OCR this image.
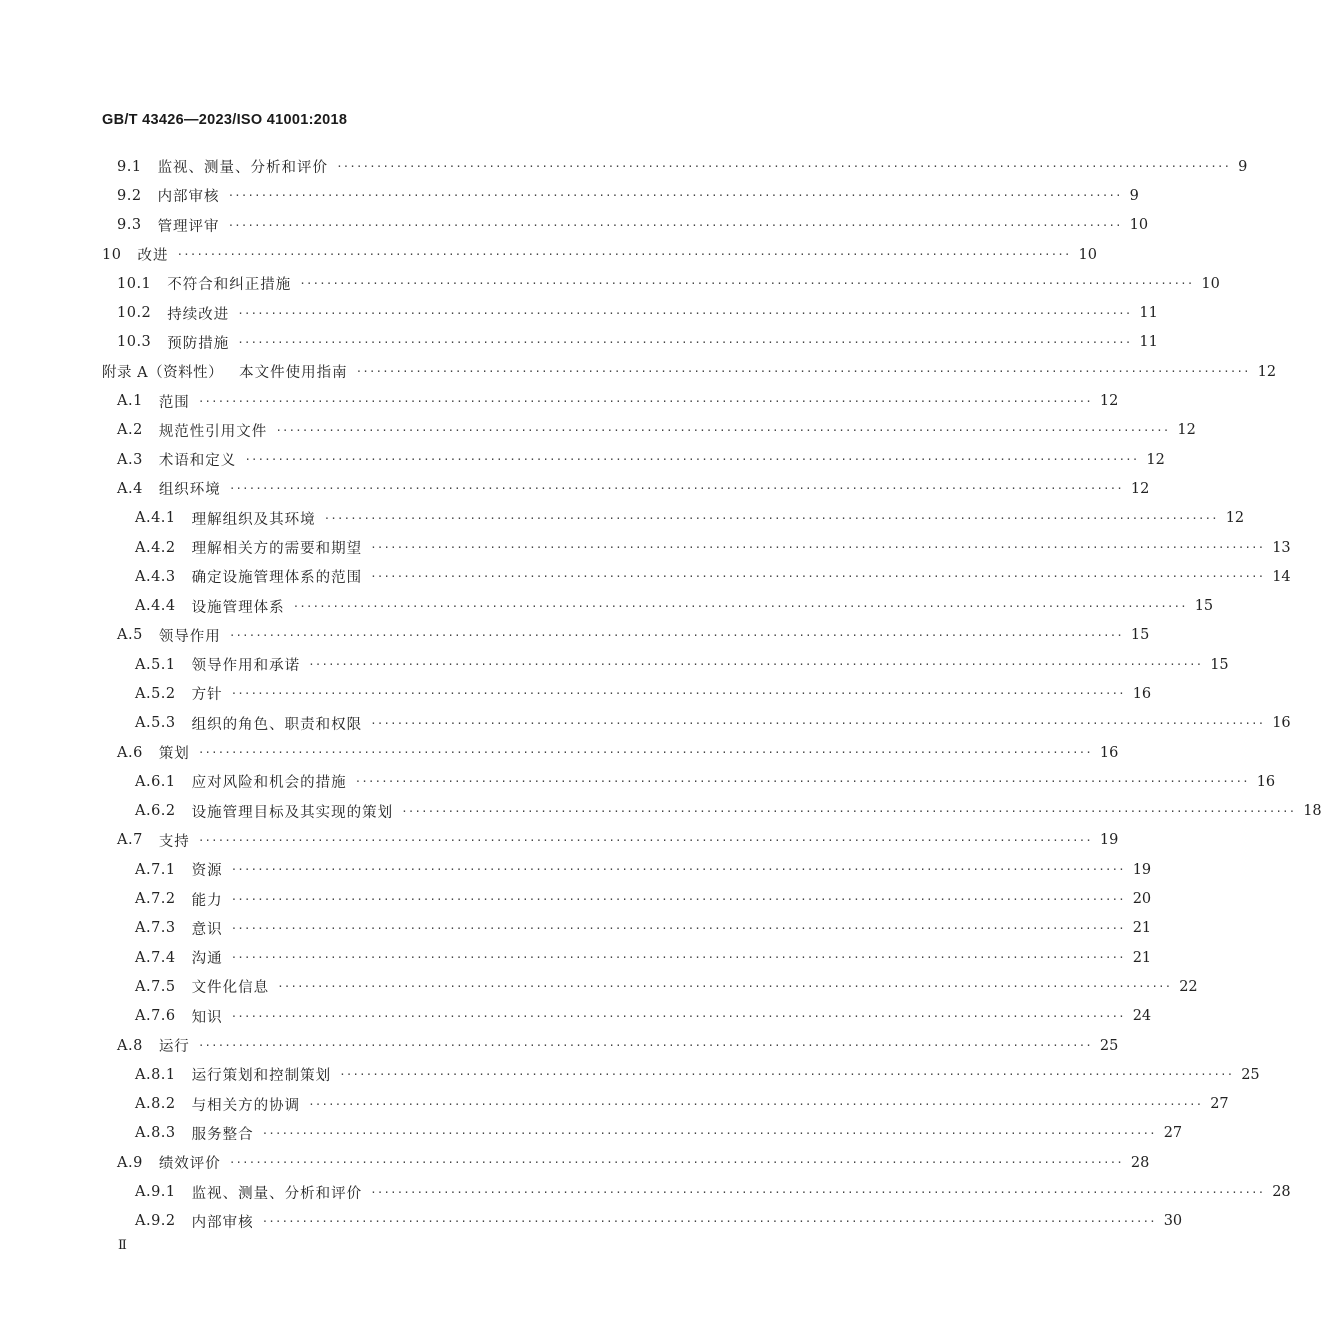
GB/T 43426—2023/ISO 41001:2018
9.1 监视、测量、分析和评价 ······································································································································· 9
9.2 内部审核 ······································································································································· 9
9.3 管理评审 ······································································································································· 10
10 改进 ······································································································································· 10
10.1 不符合和纠正措施 ······································································································································· 10
10.2 持续改进 ······································································································································· 11
10.3 预防措施 ······································································································································· 11
附录 A（资料性） 本文件使用指南 ······································································································································· 12
A.1 范围 ······································································································································· 12
A.2 规范性引用文件 ······································································································································· 12
A.3 术语和定义 ······································································································································· 12
A.4 组织环境 ······································································································································· 12
A.4.1 理解组织及其环境 ······································································································································· 12
A.4.2 理解相关方的需要和期望 ······································································································································· 13
A.4.3 确定设施管理体系的范围 ······································································································································· 14
A.4.4 设施管理体系 ······································································································································· 15
A.5 领导作用 ······································································································································· 15
A.5.1 领导作用和承诺 ······································································································································· 15
A.5.2 方针 ······································································································································· 16
A.5.3 组织的角色、职责和权限 ······································································································································· 16
A.6 策划 ······································································································································· 16
A.6.1 应对风险和机会的措施 ······································································································································· 16
A.6.2 设施管理目标及其实现的策划 ······································································································································· 18
A.7 支持 ······································································································································· 19
A.7.1 资源 ······································································································································· 19
A.7.2 能力 ······································································································································· 20
A.7.3 意识 ······································································································································· 21
A.7.4 沟通 ······································································································································· 21
A.7.5 文件化信息 ······································································································································· 22
A.7.6 知识 ······································································································································· 24
A.8 运行 ······································································································································· 25
A.8.1 运行策划和控制策划 ······································································································································· 25
A.8.2 与相关方的协调 ······································································································································· 27
A.8.3 服务整合 ······································································································································· 27
A.9 绩效评价 ······································································································································· 28
A.9.1 监视、测量、分析和评价 ······································································································································· 28
A.9.2 内部审核 ······································································································································· 30
Ⅱ
